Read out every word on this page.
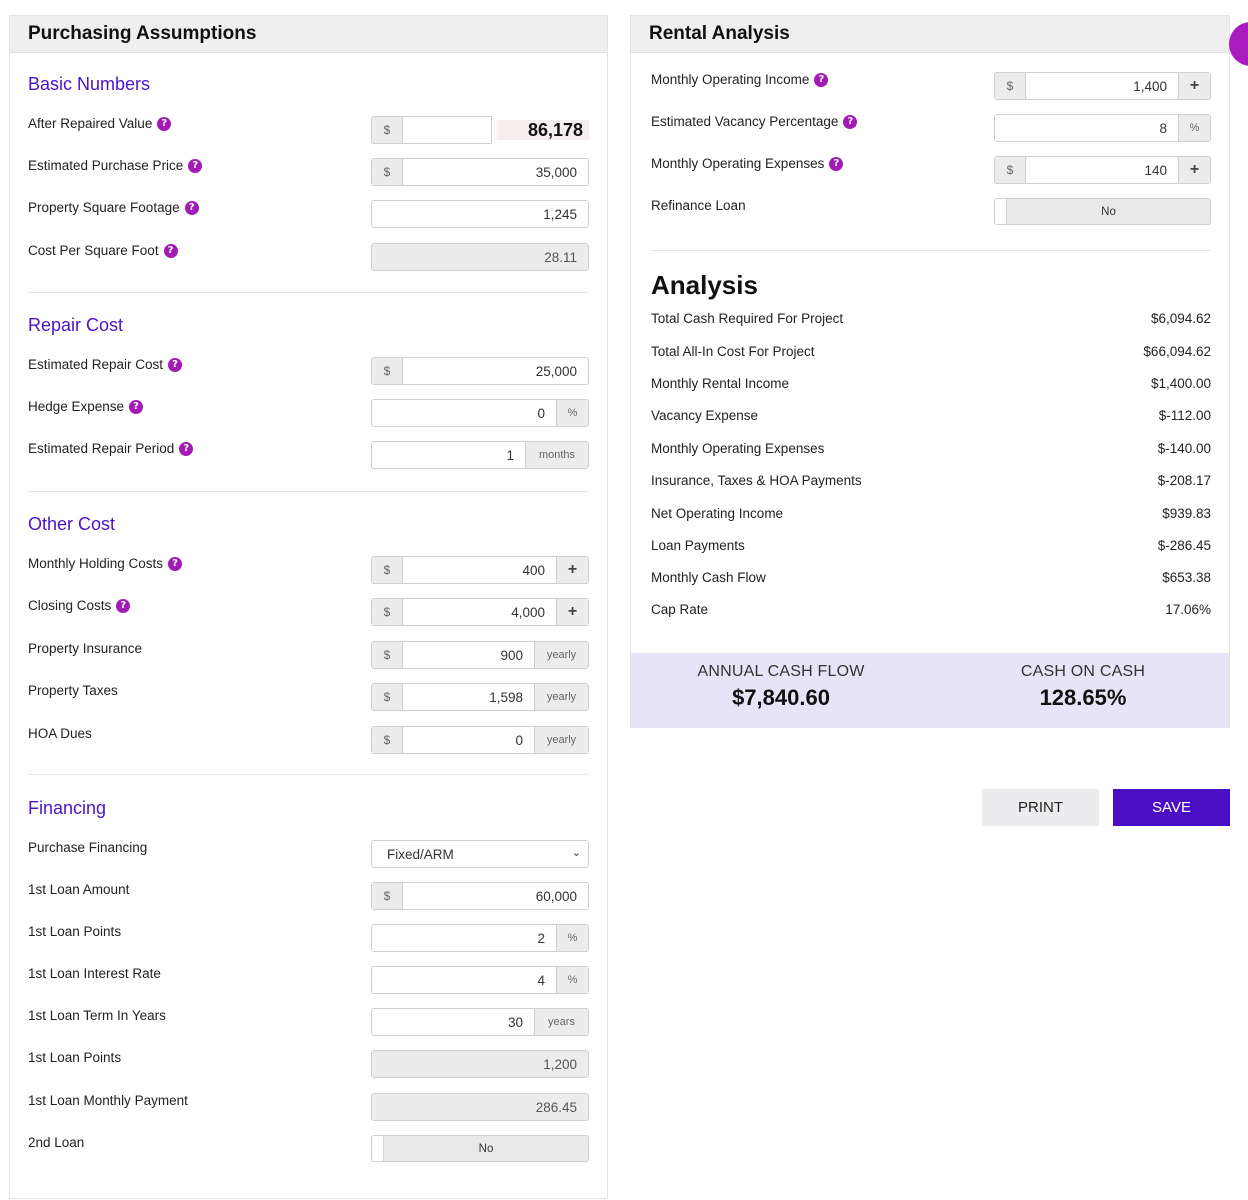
Purchasing Assumptions
Basic Numbers
After Repaired Value ?	$	86,178
Estimated Purchase Price ?	$	35,000
Property Square Footage ?	1,245
Cost Per Square Foot ?	28.11
Repair Cost
Estimated Repair Cost ?	$	25,000
Hedge Expense ?	0	%
Estimated Repair Period ?	1	months
Other Cost
Monthly Holding Costs ?	$	400	+
Closing Costs ?	$	4,000	+
Property Insurance	$	900	yearly
Property Taxes	$	1,598	yearly
HOA Dues	$	0	yearly
Financing
Purchase Financing	Fixed/ARM	⌄
1st Loan Amount	$	60,000
1st Loan Points	2	%
1st Loan Interest Rate	4	%
1st Loan Term In Years	30	years
1st Loan Points	1,200
1st Loan Monthly Payment	286.45
2nd Loan	No
Rental Analysis
Monthly Operating Income ?	$	1,400	+
Estimated Vacancy Percentage ?	8	%
Monthly Operating Expenses ?	$	140	+
Refinance Loan	No
Analysis
Total Cash Required For Project	$6,094.62
Total All-In Cost For Project	$66,094.62
Monthly Rental Income	$1,400.00
Vacancy Expense	$-112.00
Monthly Operating Expenses	$-140.00
Insurance, Taxes & HOA Payments	$-208.17
Net Operating Income	$939.83
Loan Payments	$-286.45
Monthly Cash Flow	$653.38
Cap Rate	17.06%
ANNUAL CASH FLOW
$7,840.60
CASH ON CASH
128.65%
PRINT	SAVE
